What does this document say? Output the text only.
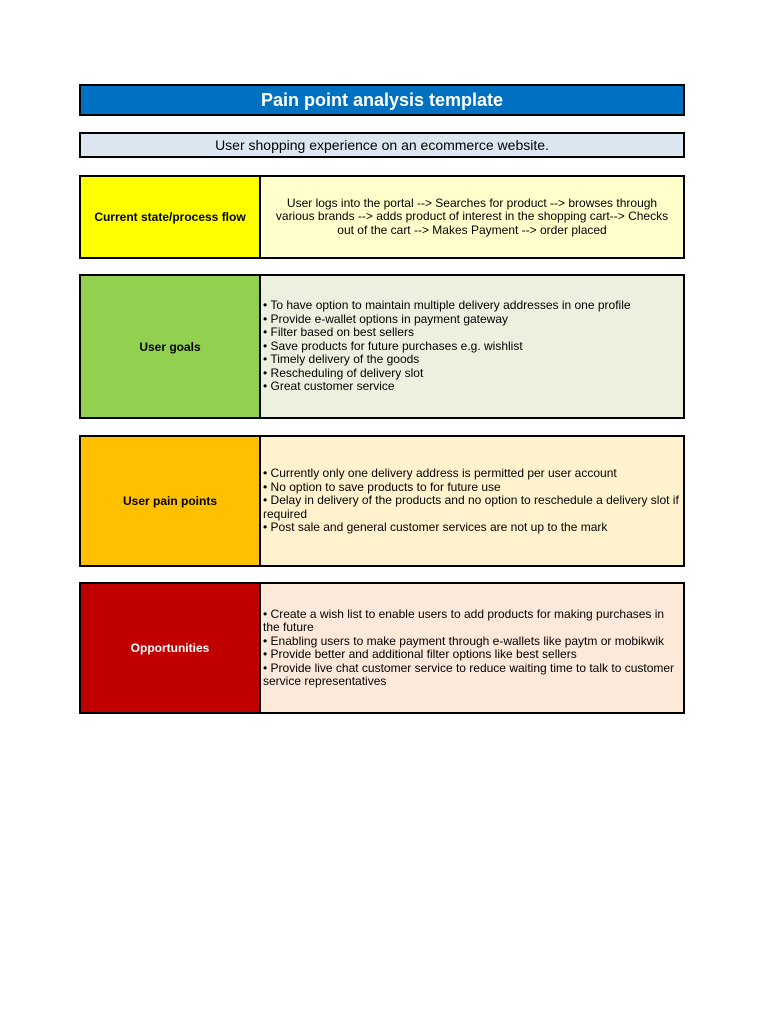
Pain point analysis template
User shopping experience on an ecommerce website.
Current state/process flow
User logs into the portal --> Searches for product --> browses through various brands --> adds product of interest in the shopping cart--> Checks out of the cart --> Makes Payment --> order placed
User goals
• To have option to maintain multiple delivery addresses in one profile
• Provide e-wallet options in payment gateway
• Filter based on best sellers
• Save products for future purchases e.g. wishlist
• Timely delivery of the goods
• Rescheduling of delivery slot
• Great customer service
User pain points
• Currently only one delivery address is permitted per user account
• No option to save products to for future use
• Delay in delivery of the products and no option to reschedule a delivery slot if required
• Post sale and general customer services are not up to the mark
Opportunities
• Create a wish list to enable users to add products for making purchases in the future
• Enabling users to make payment through e-wallets like paytm or mobikwik
• Provide better and additional filter options like best sellers
• Provide live chat customer service to reduce waiting time to talk to customer service representatives
